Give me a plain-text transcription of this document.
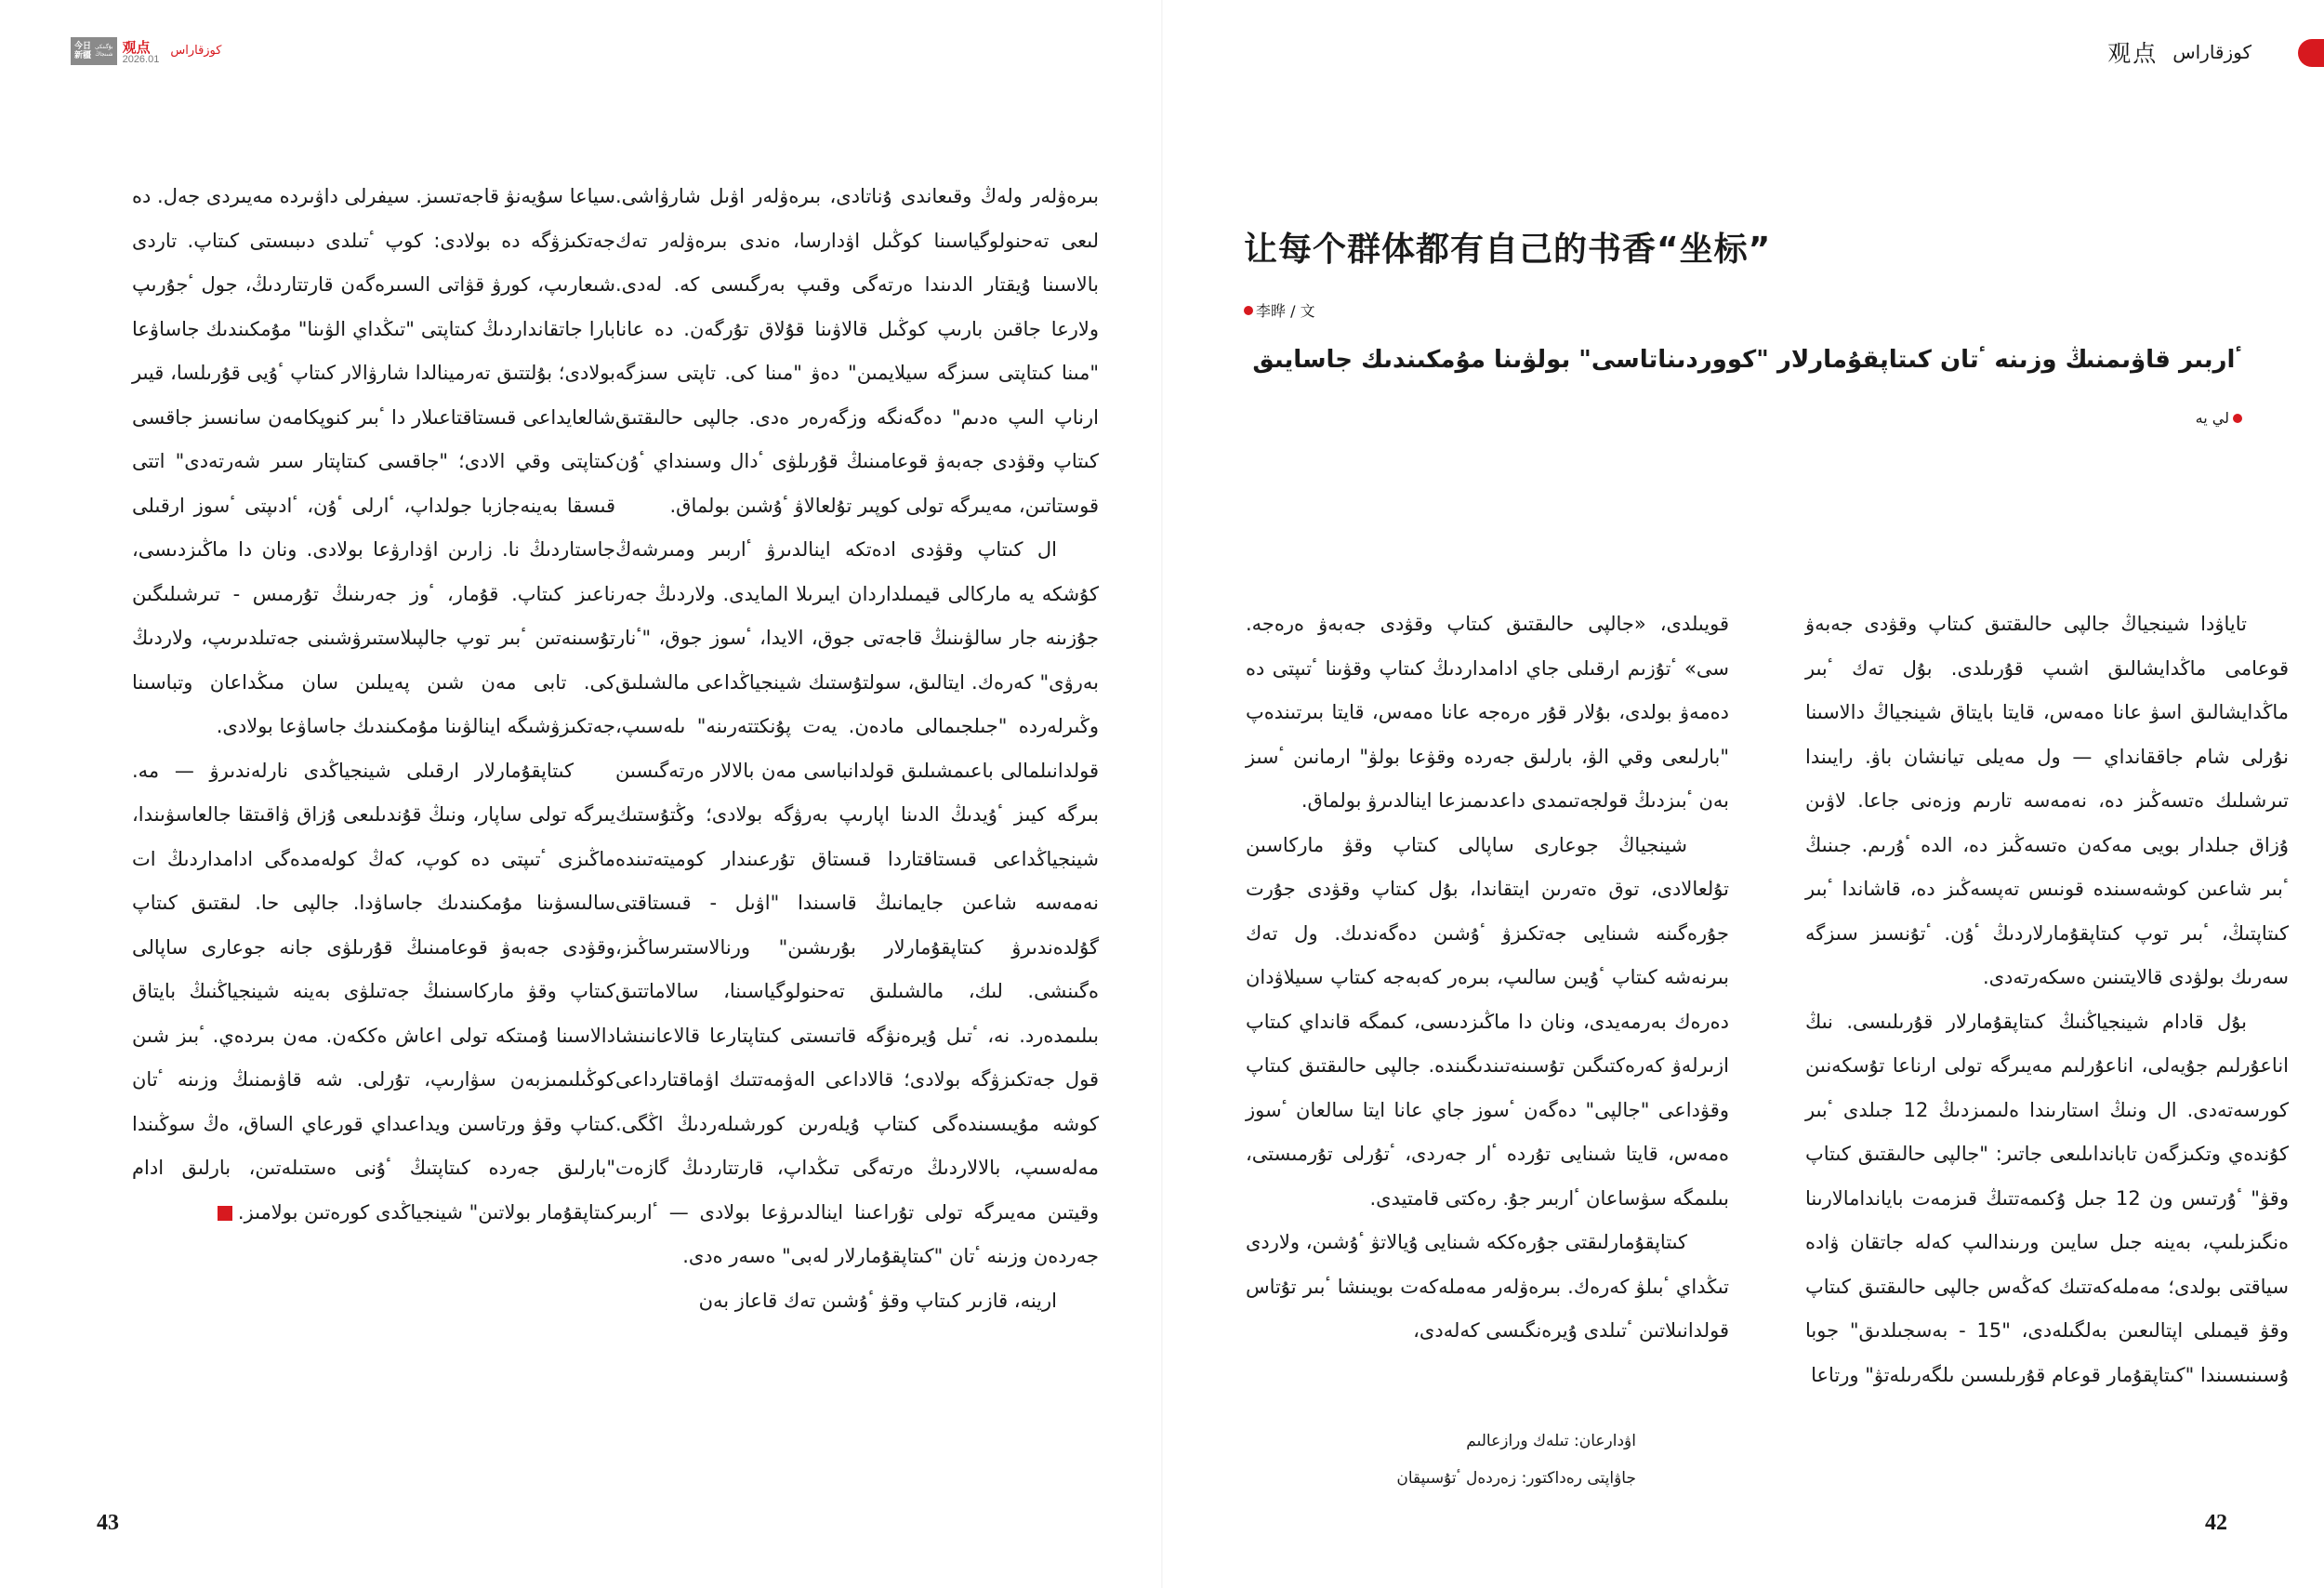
今日
新疆
بۇگىنكى
شىنجاڭ 观点
2026.01
كوزقاراس	观点 كوزقاراس
让每个群体都有自己的书香“坐标”
李晔 / 文
ٴاربىر قاۋىمنىڭ وزىنە ٴتان كىتاپقۇمارلار "كووردىناتاسى" بولۋىنا مۇمكىندىك جاسايىق
لي يە

تاياۋدا شينجياڭ جالپى حالىقتىق كىتاپ وقۋدى جەبەۋ قوعامى ماڭدايشالىق اشىپ قۇرىلدى. بۇل تەك ٴبىر ماڭدايشالىق اسۋ عانا ەمەس، قايتا بايتاق شينجياڭ دالاسىنا نۇرلى شام جاققانداي — ول مەيلى تيانشان باۋ. رايىندا تىرشىلىك ەتسەڭىز دە، نەمەسە تارىم وزەنى جاعا. لاۋىن ۇزاق جىلدار بويى مەكەن ەتسەڭىز دە، الدە ٴۇرىم. جىنىڭ ٴبىر شاعىن كوشەسىندە قونىس تەپسەڭىز دە، قاشاندا ٴبىر كىتاپتىڭ، ٴبىر توپ كىتاپقۇمارلاردىڭ ٴۇن. ٴتۇنسىز سىزگە سەرىك بولۋدى قالايتىنىن ەسكەرتەدى.

بۇل قادام شينجياڭنىڭ كىتاپقۇمارلار قۇرىلىسى. نىڭ اناعۇرلىم جۇيەلى، اناعۇرلىم مەيىرگە تولى ارناعا تۇسكەنىن كورسەتەدى. ال ونىڭ استارىندا ەلىمىزدىڭ 12 جىلدى ٴبىر كۇندەي وتكىزگەن تابانداىلىعى جاتىر: "جالپى حالىقتىق كىتاپ وقۋ" ٴۇرتىس ون 12 جىل ۇكىمەتتىڭ قىزمەت باياندامالارىنا ەنگىزىلىپ، بەينە جىل سايىن ورىندالىپ كەلە جاتقان ۋادە سياقتى بولدى؛ مەملەكەتتىك كەڭەس جالپى حالىقتىق كىتاپ وقۋ قيمىلى اپتالىعىن بەلگىلەدى، "15 - بەسجىلدىق" جوبا ۇسىنىسىندا "كىتاپقۇمار قوعام قۇرىلىسىن ىلگەرىلەتۋ" ورتاعا

قويىلدى، «جالپى حالىقتىق كىتاپ وقۋدى جەبەۋ ەرەجە. سى» ٴتۇزىم ارقىلى جاي ادامداردىڭ كىتاپ وقۋىنا ٴتىپتى دە دەمەۋ بولدى، بۇلار قۇر ەرەجە عانا ەمەس، قايتا بىرتىندەپ "بارلىعى وقي الۋ، بارلىق جەردە وقۋعا بولۋ" ارمانىن ٴسىز بەن ٴبىزدىڭ قولجەتىمدى داعدىمىزعا اينالدىرۋ بولماق.

شينجياڭ جوعارى ساپالى كىتاپ وقۋ ماركاسىن تۇلعالادى، توق ەتەرىن ايتقاندا، بۇل كىتاپ وقۋدى جۇرت جۇرەگىنە شىنايى جەتكىزۋ ٴۇشىن دەگەندىك. ول تەك بىرنەشە كىتاپ ٴۇيىن سالىپ، بىرەر كەبەجە كىتاپ سىيلاۋدان دەرەك بەرمەيدى، ونان دا ماڭىزدىسى، كىمگە قانداي كىتاپ ازىرلەۋ كەرەكتىگىن تۇسىنەتىندىگىندە. جالپى حالىقتىق كىتاپ وقۋداعى "جالپى" دەگەن ٴسوز جاي عانا ايتا سالعان ٴسوز ەمەس، قايتا شىنايى تۇردە ٴار جەردى، ٴتۇرلى تۇرمىستى، بىلىمگە سۋساعان ٴاربىر جۇ. رەكتى قامتيدى.

كىتاپقۇمارلىقتى جۇرەككە شىنايى ۇيالاتۋ ٴۇشىن، ولاردى تىڭداي ٴبىلۋ كەرەك. بىرەۋلەر مەملەكەت بويىنشا ٴبىر تۇتاس قولدانىلاتىن ٴتىلدى ۇيرەنگىسى كەلەدى،

بىرەۋلەر ولەڭ وقىعاندى ۇناتادى، بىرەۋلەر اۋىل شارۋاشى. لىعى تەحنولوگياسىنا كوڭىل اۋدارسا، ەندى بىرەۋلەر تەك بالاسىنا ۇيقتار الدىندا ەرتەگى وقىپ بەرگىسى كە. لەدى. ولارعا جاقىن بارىپ كوڭىل قالاۋىنا قۇلاق تۇرگەن. دە عانا "مىنا كىتاپتى سىزگە سيلايمىن" دەۋ "مىنا كى. تاپتى سىزگە ارناپ الىپ ەدىم" دەگەنگە وزگەرەر ەدى. جالپى حالىقتىق كىتاپ وقۋدى جەبەۋ قوعامىنىڭ قۇرىلۋى ٴدال وسىنداي ٴۇن قوستاتىن، مەيىرگە تولى كوپىر تۇلعالاۋ ٴۇشىن بولماق.

ال كىتاپ وقۋدى ادەتكە اينالدىرۋ ٴاربىر ومىرشەڭ كۇشكە يە ماركالى قيمىلداردان ايىرىلا المايدى. ولاردىڭ جەر جۇزىنە جار سالۋىنىڭ قاجەتى جوق، الايدا، ٴسوز جوق، "ٴنار بەرۋى" كەرەك. ايتالىق، سولتۇستىك شينجياڭداعى مالشىلىق وڭىرلەردە "جىلجىمالى مادەن. يەت پۇنكتتەرىنە" ىلەسىپ، قولدانىلمالى باعىمشىلىق قولدانباسى مەن بالالار ەرتەگىسىن بىرگە كيىز ٴۇيدىڭ الدىنا اپارىپ بەرۋگە بولادى؛ وڭتۇستىك شينجياڭداعى قىستاقتاردا قىستاق تۇرعىندار كوميتەتىندە نەمەسە شاعىن جايمانىڭ قاسىندا "اۋىل - قىستاقتى گۇلدەندىرۋ كىتاپقۇمارلار بۇرىشىن" ورنالاستىرساڭىز، ەگىنشى. لىك، مالشىلىق تەحنولوگياسىنا، سالاماتتىق بىلىمدەرد. نە، ٴتىل ۇيرەنۋگە قاتىستى كىتاپتارعا قالاعانىنشا قول جەتكىزۋگە بولادى؛ قالاداعى الەۋمەتتىك اۋماقتارداعى كوشە مۇيىسىندەگى كىتاپ ۇيلەرىن كورشىلەردىڭ اڭگى. مەلەسىپ، بالالاردىڭ ەرتەگى تىڭداپ، قارتتاردىڭ گازەت وقيتىن مەيىرگە تولى تۇراعىنا اينالدىرۋعا بولادى — ٴاربىر جەردەن وزىنە ٴتان "كىتاپقۇمارلار لەبى" ەسەر ەدى.

ارينە، قازىر كىتاپ وقۋ ٴۇشىن تەك قاعاز بەن

سياعا سۇيەنۋ قاجەتسىز. سيفرلى داۋىردە مەيىردى جەل. دە جەتكىزۋگە دە بولادى: كوپ ٴتىلدى دىبىستى كىتاپ. تاردى شىعارىپ، كورۋ قۋاتى السىرەگەن قارتتاردىڭ، جول ٴجۇرىپ بارا جاتقانداردىڭ كىتاپتى "تىڭداي الۋىنا" مۇمكىندىك جاساۋعا بولادى؛ بۇلتتىق تەرمينالدا شارۋالار كىتاپ ٴۇيى قۇرىلسا، قيىر شالعايداعى قىستاقتاعىلار دا ٴبىر كنوپكامەن سانسىز جاقسى كىتاپتى وقي الادى؛ "جاقسى كىتاپتار سىر شەرتەدى" اتتى قىسقا بەينەجازبا جولداپ، ٴارلى ٴۇن، ٴادىپتى ٴسوز ارقىلى جاستاردىڭ نا. زارىن اۋدارۋعا بولادى. ونان دا ماڭىزدىسى، ناعىز كىتاپ. قۇمار، ٴوز جەرىنىڭ تۇرمىس - تىرشىلىگىن تۇسىنەتىن ٴبىر توپ جالپىلاستىرۋشىنى جەتىلدىرىپ، ولاردىڭ كى. تابى مەن شىن پەيىلىن سان مىڭداعان وتباسىنا جەتكىزۋشىگە اينالۋىنا مۇمكىندىك جاساۋعا بولادى.

كىتاپقۇمارلار ارقىلى شينجياڭدى نارلەندىرۋ — مە. يىرگە تولى ساپار، ونىڭ قۇندىلىعى ۇزاق ۋاقىتقا جالعاسۋىندا، ماڭىزى ٴتىپتى دە كوپ، كەڭ كولەمدەگى ادامداردىڭ ات سالىسۋىنا مۇمكىندىك جاساۋدا. جالپى حا. لىقتىق كىتاپ وقۋدى جەبەۋ قوعامىنىڭ قۇرىلۋى جانە جوعارى ساپالى كىتاپ وقۋ ماركاسىنىڭ جەتىلۋى بەينە شينجياڭنىڭ بايتاق دالاسىنا ۇمىتكە تولى اعاش ەككەن. مەن بىردەي. ٴبىز شىن كوڭىلىمىزبەن سۋارىپ، تۇرلى. شە قاۋىمنىڭ وزىنە ٴتان كىتاپ وقۋ ورتاسىن ويداعىداي قورعاي الساق، ەڭ سوڭىندا "بارلىق جەردە كىتاپتىڭ ٴۇنى ەستىلەتىن، بارلىق ادام كىتاپقۇمار بولاتىن" شينجياڭدى كورەتىن بولامىز.J

اۋدارعان: تىلەك ورازعالىم
جاۋاپتى رەداكتور: زەردەل ٴتۇسىپقان
43	42
